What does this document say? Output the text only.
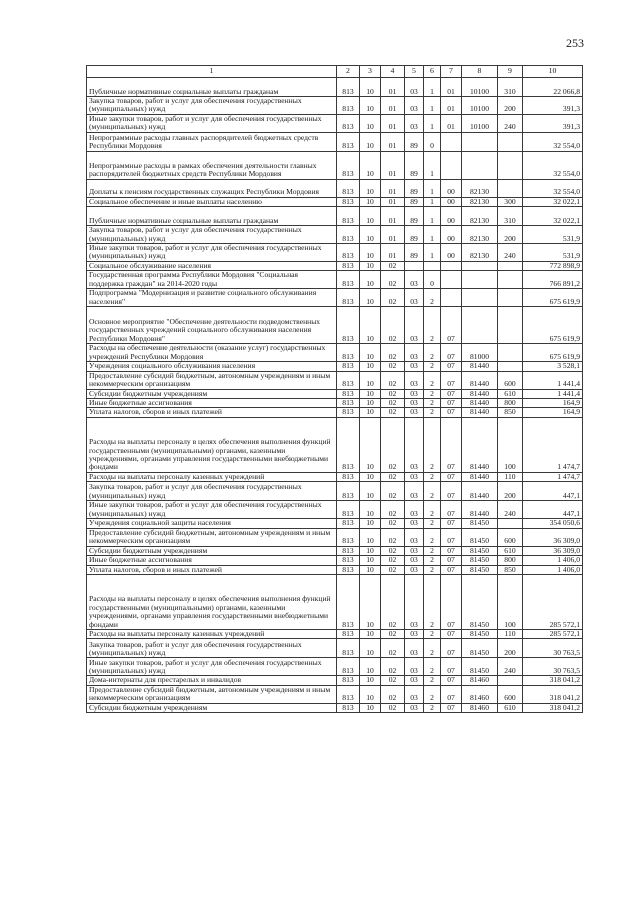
253
1	2	3	4	5	6	7	8	9	10
Публичные нормативные социальные выплаты гражданам	813	10	01	03	1	01	10100	310	22 066,8
Закупка товаров, работ и услуг для обеспечения государственных (муниципальных) нужд	813	10	01	03	1	01	10100	200	391,3
Иные закупки товаров, работ и услуг для обеспечения государственных (муниципальных) нужд	813	10	01	03	1	01	10100	240	391,3
Непрограммные расходы главных распорядителей бюджетных средств Республики Мордовия	813	10	01	89	0				32 554,0
Непрограммные расходы в рамках обеспечения деятельности главных распорядителей бюджетных средств Республики Мордовия	813	10	01	89	1				32 554,0
Доплаты к пенсиям государственных служащих Республики Мордовия	813	10	01	89	1	00	82130		32 554,0
Социальное обеспечение и иные выплаты населению	813	10	01	89	1	00	82130	300	32 022,1
Публичные нормативные социальные выплаты гражданам	813	10	01	89	1	00	82130	310	32 022,1
Закупка товаров, работ и услуг для обеспечения государственных (муниципальных) нужд	813	10	01	89	1	00	82130	200	531,9
Иные закупки товаров, работ и услуг для обеспечения государственных (муниципальных) нужд	813	10	01	89	1	00	82130	240	531,9
Социальное обслуживание населения	813	10	02						772 898,9
Государственная программа Республики Мордовия "Социальная поддержка граждан" на 2014-2020 годы	813	10	02	03	0				766 891,2
Подпрограмма "Модернизация и развитие социального обслуживания населения"	813	10	02	03	2				675 619,9
Основное мероприятие "Обеспечение деятельности подведомственных государственных учреждений социального обслуживания населения Республики Мордовия"	813	10	02	03	2	07			675 619,9
Расходы на обеспечение деятельности (оказание услуг) государственных учреждений Республики Мордовия	813	10	02	03	2	07	81000		675 619,9
Учреждения социального обслуживания населения	813	10	02	03	2	07	81440		3 528,1
Предоставление субсидий бюджетным, автономным учреждениям и иным некоммерческим организациям	813	10	02	03	2	07	81440	600	1 441,4
Субсидии бюджетным учреждениям	813	10	02	03	2	07	81440	610	1 441,4
Иные бюджетные ассигнования	813	10	02	03	2	07	81440	800	164,9
Уплата налогов, сборов и иных платежей	813	10	02	03	2	07	81440	850	164,9
Расходы на выплаты персоналу в целях обеспечения выполнения функций государственными (муниципальными) органами, казенными учреждениями, органами управления государственными внебюджетными фондами	813	10	02	03	2	07	81440	100	1 474,7
Расходы на выплаты персоналу казенных учреждений	813	10	02	03	2	07	81440	110	1 474,7
Закупка товаров, работ и услуг для обеспечения государственных (муниципальных) нужд	813	10	02	03	2	07	81440	200	447,1
Иные закупки товаров, работ и услуг для обеспечения государственных (муниципальных) нужд	813	10	02	03	2	07	81440	240	447,1
Учреждения социальной защиты населения	813	10	02	03	2	07	81450		354 050,6
Предоставление субсидий бюджетным, автономным учреждениям и иным некоммерческим организациям	813	10	02	03	2	07	81450	600	36 309,0
Субсидии бюджетным учреждениям	813	10	02	03	2	07	81450	610	36 309,0
Иные бюджетные ассигнования	813	10	02	03	2	07	81450	800	1 406,0
Уплата налогов, сборов и иных платежей	813	10	02	03	2	07	81450	850	1 406,0
Расходы на выплаты персоналу в целях обеспечения выполнения функций государственными (муниципальными) органами, казенными учреждениями, органами управления государственными внебюджетными фондами	813	10	02	03	2	07	81450	100	285 572,1
Расходы на выплаты персоналу казенных учреждений	813	10	02	03	2	07	81450	110	285 572,1
Закупка товаров, работ и услуг для обеспечения государственных (муниципальных) нужд	813	10	02	03	2	07	81450	200	30 763,5
Иные закупки товаров, работ и услуг для обеспечения государственных (муниципальных) нужд	813	10	02	03	2	07	81450	240	30 763,5
Дома-интернаты для престарелых и инвалидов	813	10	02	03	2	07	81460		318 041,2
Предоставление субсидий бюджетным, автономным учреждениям и иным некоммерческим организациям	813	10	02	03	2	07	81460	600	318 041,2
Субсидии бюджетным учреждениям	813	10	02	03	2	07	81460	610	318 041,2
